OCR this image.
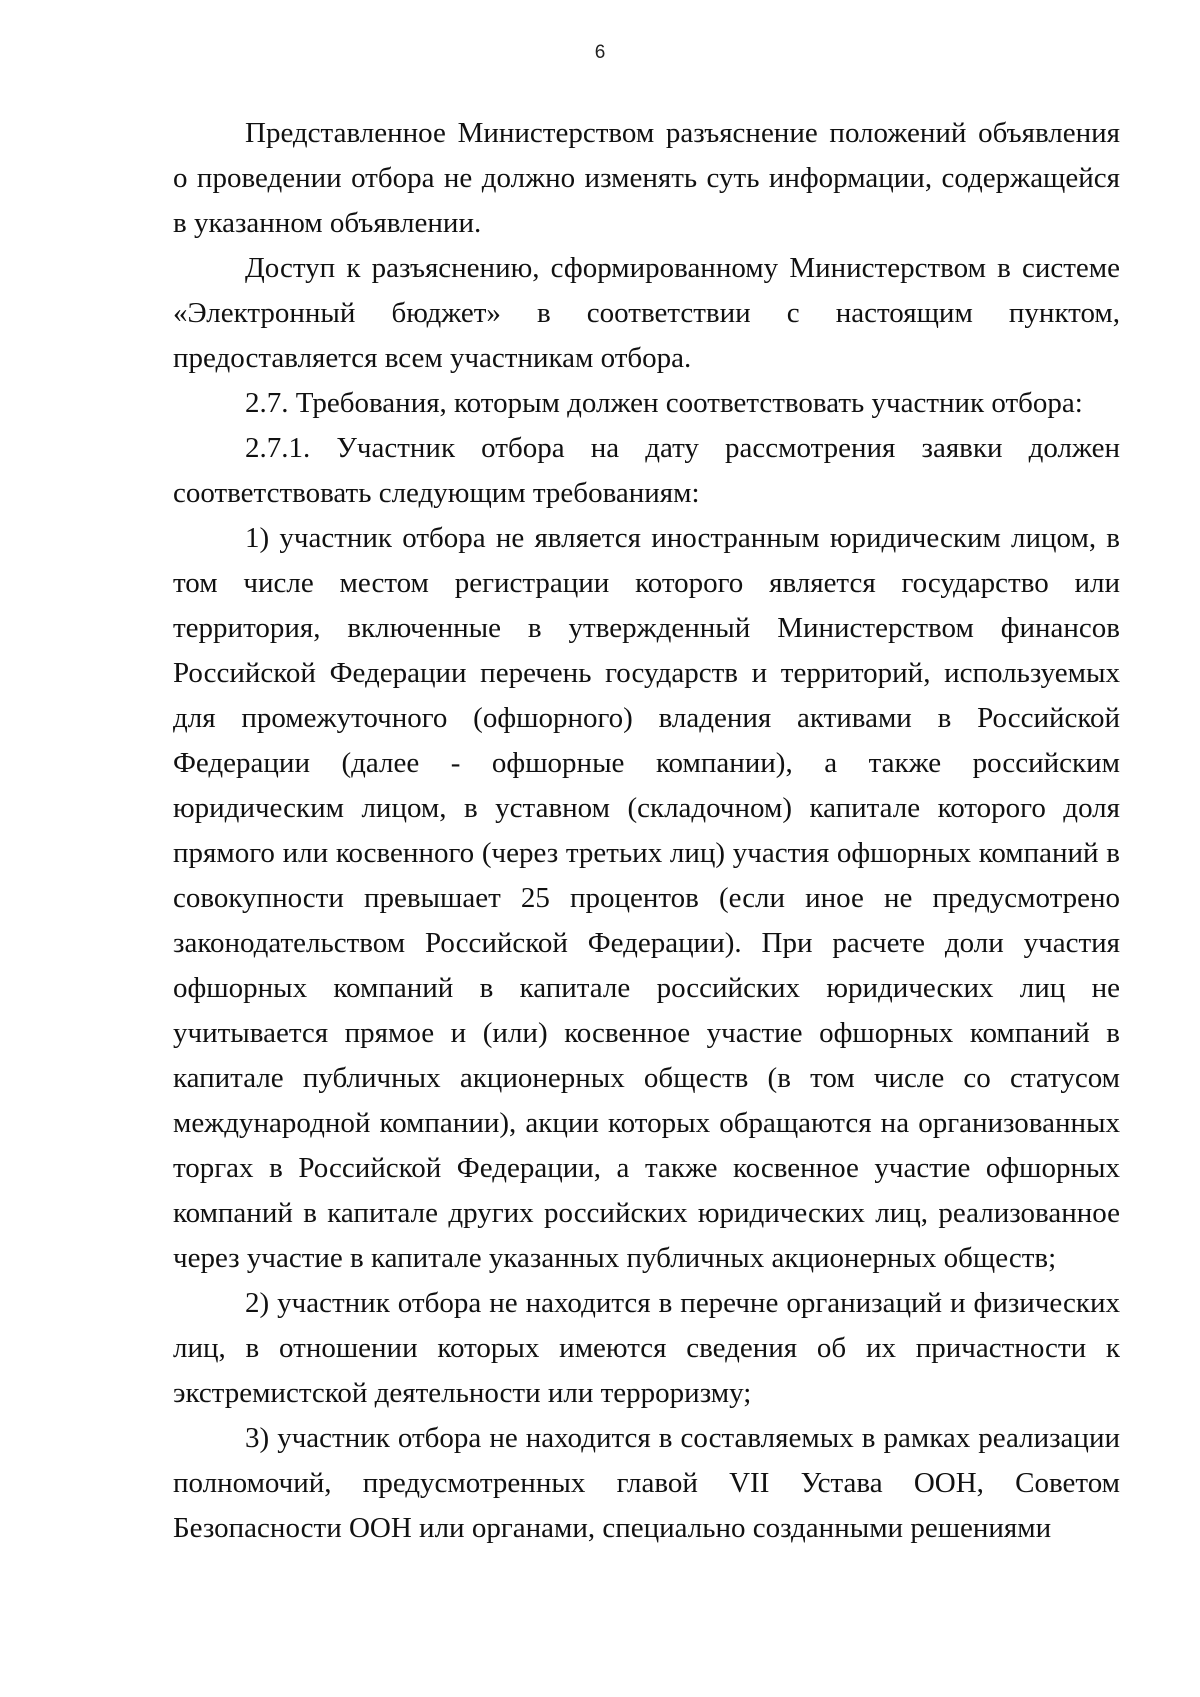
6

Представленное Министерством разъяснение положений объявления о проведении отбора не должно изменять суть информации, содержащейся в указанном объявлении.

Доступ к разъяснению, сформированному Министерством в системе «Электронный бюджет» в соответствии с настоящим пунктом, предоставляется всем участникам отбора.

2.7. Требования, которым должен соответствовать участник отбора:

2.7.1. Участник отбора на дату рассмотрения заявки должен соответствовать следующим требованиям:

1) участник отбора не является иностранным юридическим лицом, в том числе местом регистрации которого является государство или территория, включенные в утвержденный Министерством финансов Российской Федерации перечень государств и территорий, используемых для промежуточного (офшорного) владения активами в Российской Федерации (далее - офшорные компании), а также российским юридическим лицом, в уставном (складочном) капитале которого доля прямого или косвенного (через третьих лиц) участия офшорных компаний в совокупности превышает 25 процентов (если иное не предусмотрено законодательством Российской Федерации). При расчете доли участия офшорных компаний в капитале российских юридических лиц не учитывается прямое и (или) косвенное участие офшорных компаний в капитале публичных акционерных обществ (в том числе со статусом международной компании), акции которых обращаются на организованных торгах в Российской Федерации, а также косвенное участие офшорных компаний в капитале других российских юридических лиц, реализованное через участие в капитале указанных публичных акционерных обществ;

2) участник отбора не находится в перечне организаций и физических лиц, в отношении которых имеются сведения об их причастности к экстремистской деятельности или терроризму;

3) участник отбора не находится в составляемых в рамках реализации полномочий, предусмотренных главой VII Устава ООН, Советом Безопасности ООН или органами, специально созданными решениями
